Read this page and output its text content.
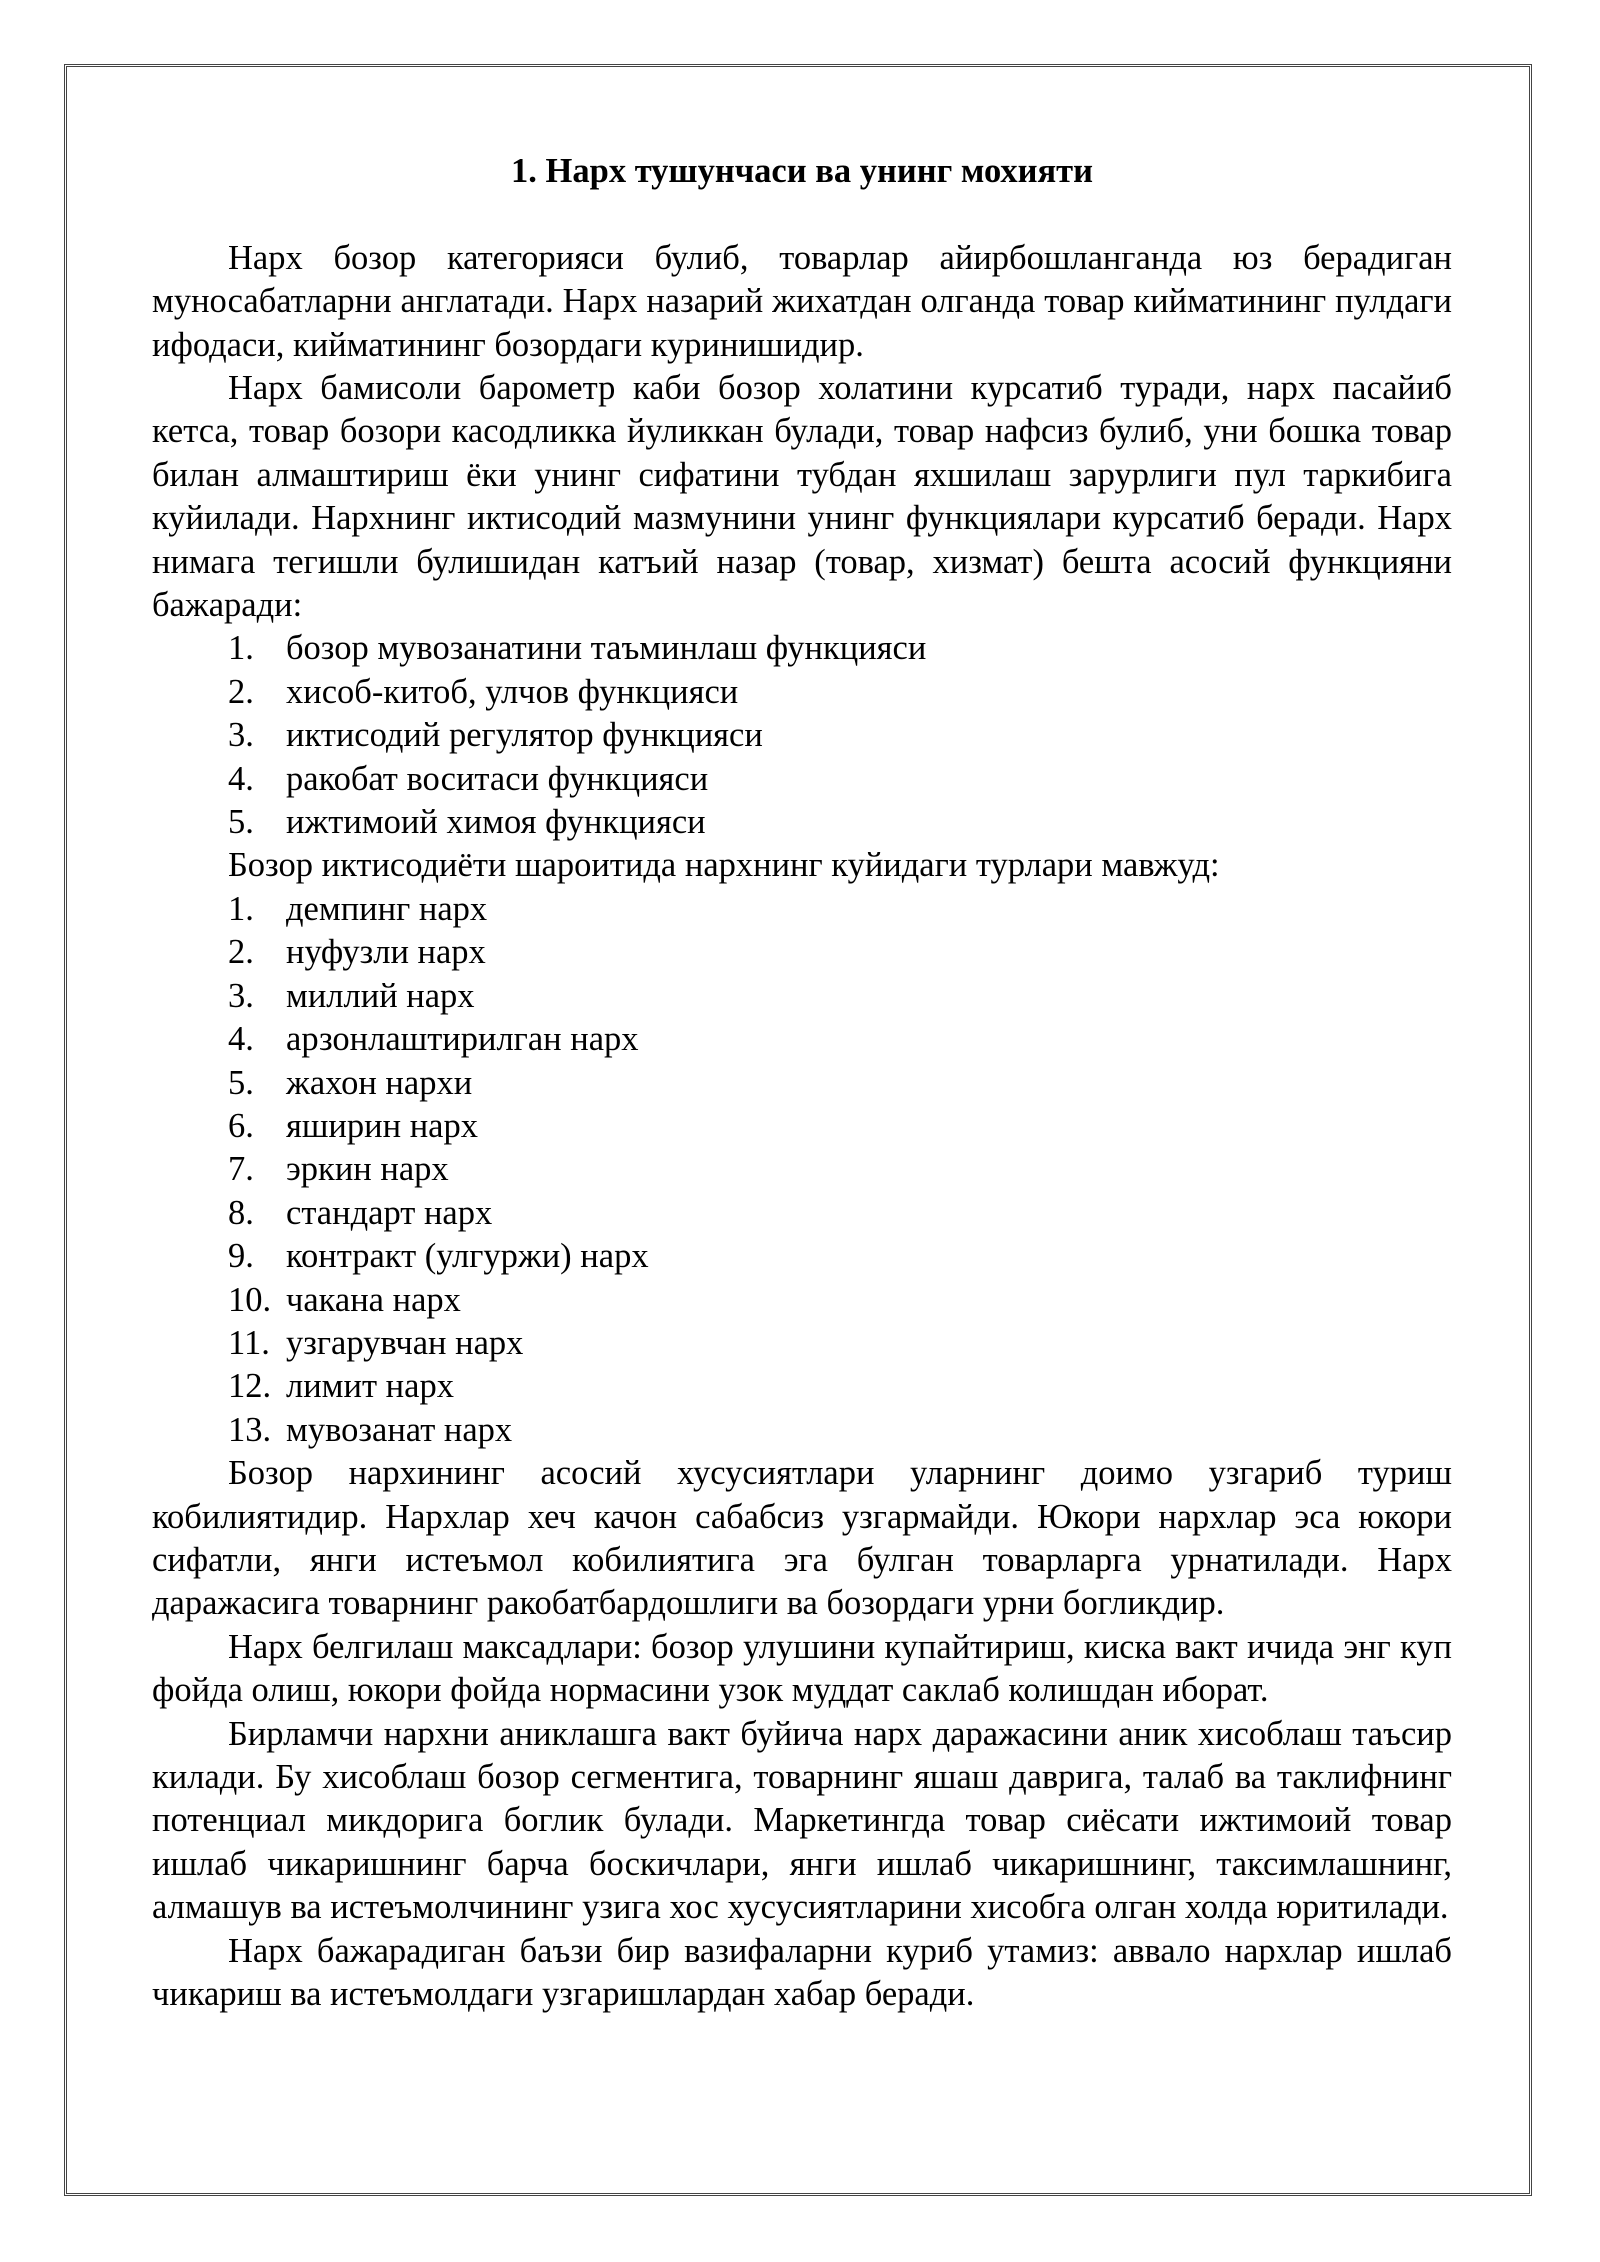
1. Нарх тушунчаси ва унинг мохияти

Нарх бозор категорияси булиб, товарлар айирбошланганда юз берадиган муносабатларни англатади. Нарх назарий жихатдан олганда товар кийматининг пулдаги ифодаси, кийматининг бозордаги куринишидир.

Нарх бамисоли барометр каби бозор холатини курсатиб туради, нарх пасайиб кетса, товар бозори касодликка йуликкан булади, товар нафсиз булиб, уни бошка товар билан алмаштириш ёки унинг сифатини тубдан яхшилаш зарурлиги пул таркибига куйилади. Нархнинг иктисодий мазмунини унинг функциялари курсатиб беради. Нарх нимага тегишли булишидан катъий назар (товар, хизмат) бешта асосий функцияни бажаради:

1. бозор мувозанатини таъминлаш функцияси
2. хисоб-китоб, улчов функцияси
3. иктисодий регулятор функцияси
4. ракобат воситаси функцияси
5. ижтимоий химоя функцияси

Бозор иктисодиёти шароитида нархнинг куйидаги турлари мавжуд:

1. демпинг нарх
2. нуфузли нарх
3. миллий нарх
4. арзонлаштирилган нарх
5. жахон нархи
6. яширин нарх
7. эркин нарх
8. стандарт нарх
9. контракт (улгуржи) нарх
10. чакана нарх
11. узгарувчан нарх
12. лимит нарх
13. мувозанат нарх

Бозор нархининг асосий хусусиятлари уларнинг доимо узгариб туриш кобилиятидир. Нархлар хеч качон сабабсиз узгармайди. Юкори нархлар эса юкори сифатли, янги истеъмол кобилиятига эга булган товарларга урнатилади. Нарх даражасига товарнинг ракобатбардошлиги ва бозордаги урни богликдир.

Нарх белгилаш максадлари: бозор улушини купайтириш, киска вакт ичида энг куп фойда олиш, юкори фойда нормасини узок муддат саклаб колишдан иборат.

Бирламчи нархни аниклашга вакт буйича нарх даражасини аник хисоблаш таъсир килади. Бу хисоблаш бозор сегментига, товарнинг яшаш даврига, талаб ва таклифнинг потенциал микдорига боглик булади. Маркетингда товар сиёсати ижтимоий товар ишлаб чикаришнинг барча боскичлари, янги ишлаб чикаришнинг, таксимлашнинг, алмашув ва истеъмолчининг узига хос хусусиятларини хисобга олган холда юритилади.

Нарх бажарадиган баъзи бир вазифаларни куриб утамиз: аввало нархлар ишлаб чикариш ва истеъмолдаги узгаришлардан хабар беради.
